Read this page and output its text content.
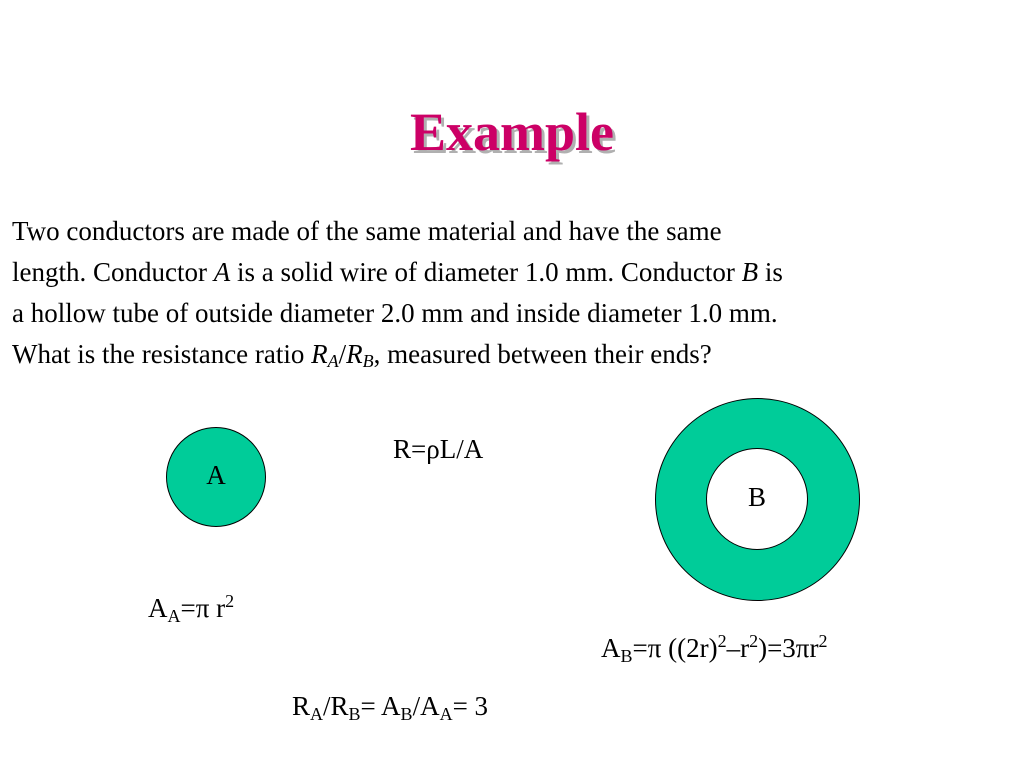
Example

Two conductors are made of the same material and have the same

length. Conductor A is a solid wire of diameter 1.0 mm. Conductor B is

a hollow tube of outside diameter 2.0 mm and inside diameter 1.0 mm.

What is the resistance ratio $R_A/R_B$, measured between their ends?

A
B
R=ρL/A
$A_A=\pi$ $r^2$
$A_B=\pi$ $((2r)^2-r^2)=3\pi r^2$
$R_A/R_B= A_B/A_A= 3$
